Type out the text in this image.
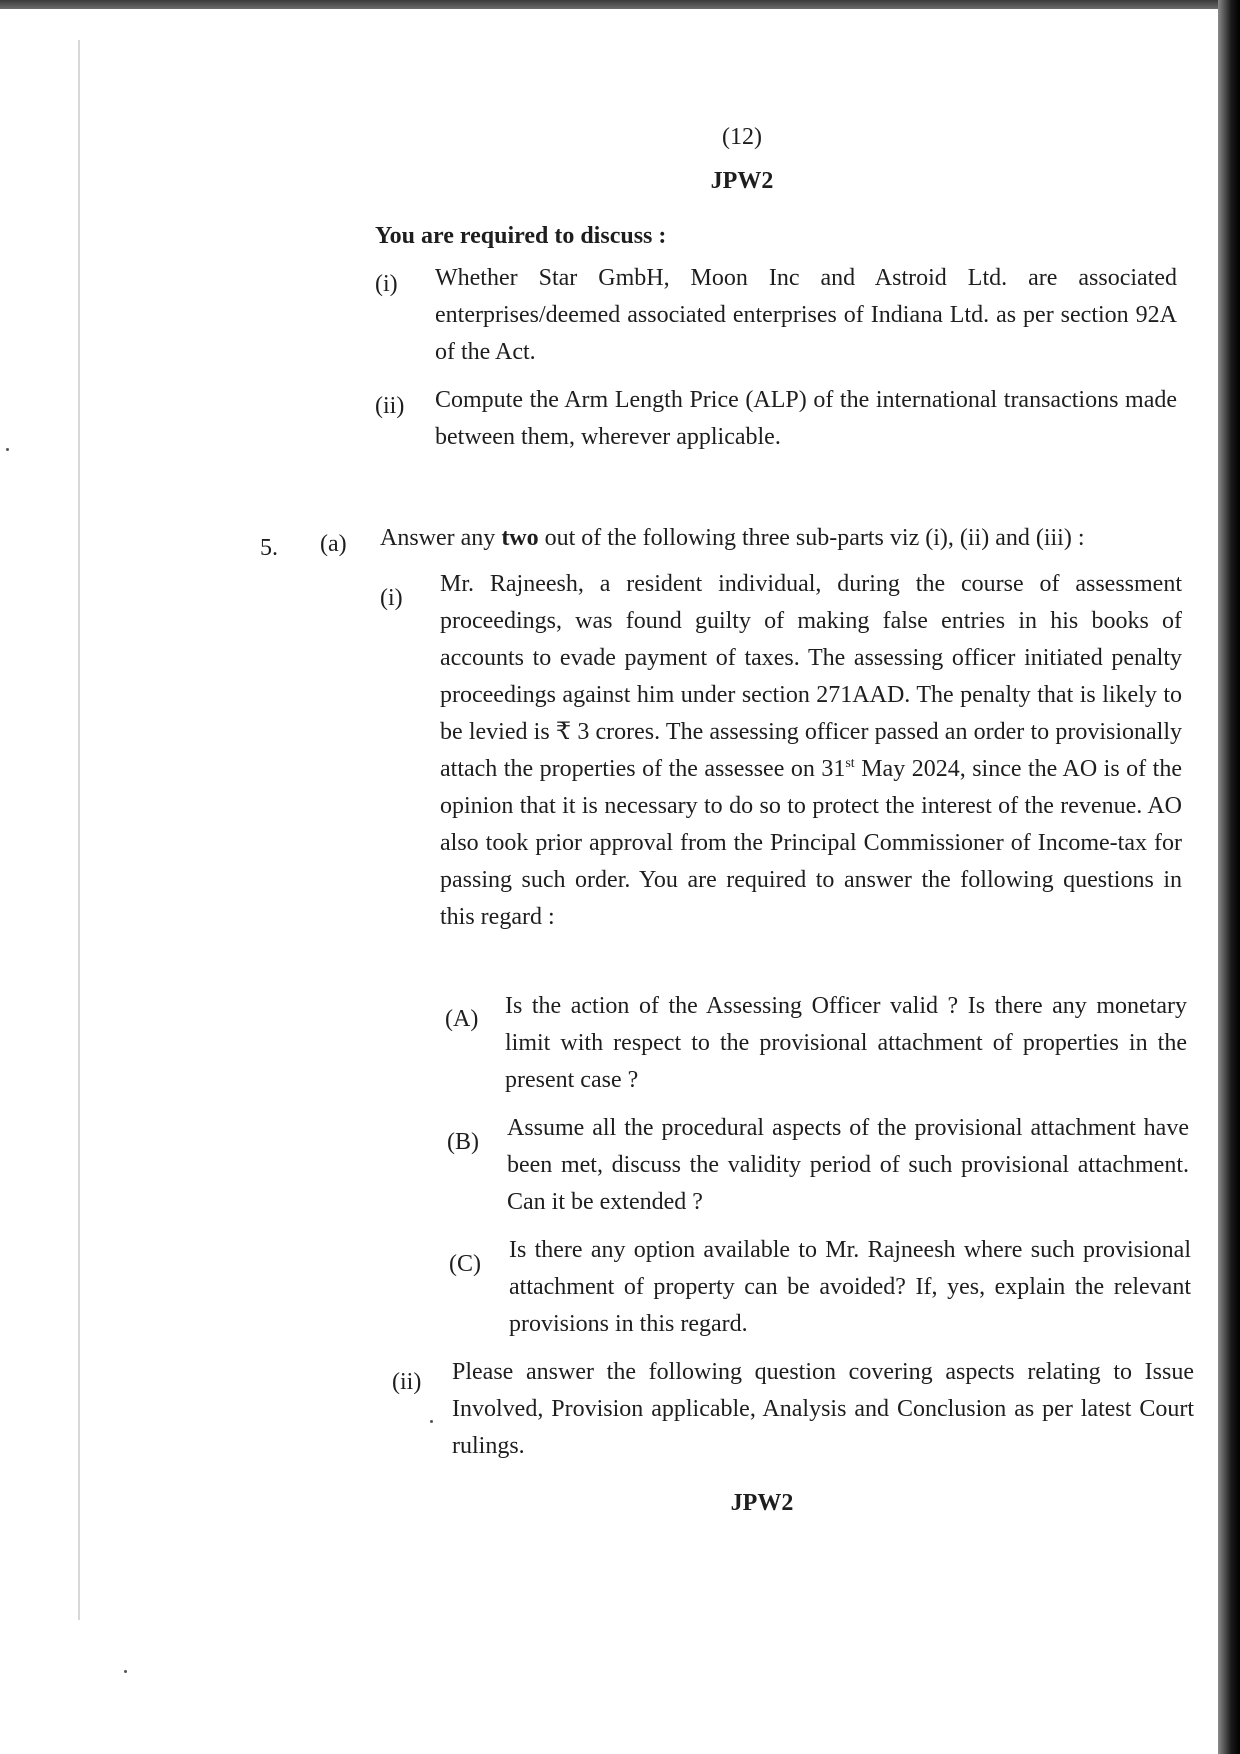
(12)
JPW2
You are required to discuss :
(i) Whether Star GmbH, Moon Inc and Astroid Ltd. are associated enterprises/deemed associated enterprises of Indiana Ltd. as per section 92A of the Act.
(ii) Compute the Arm Length Price (ALP) of the international transactions made between them, wherever applicable.
5. (a) Answer any two out of the following three sub-parts viz (i), (ii) and (iii) :
(i)
Mr. Rajneesh, a resident individual, during the course of assessment proceedings, was found guilty of making false entries in his books of accounts to evade payment of taxes. The assessing officer initiated penalty proceedings against him under section 271AAD. The penalty that is likely to be levied is ₹ 3 crores. The assessing officer passed an order to provisionally attach the properties of the assessee on 31st May 2024, since the AO is of the opinion that it is necessary to do so to protect the interest of the revenue. AO also took prior approval from the Principal Commissioner of Income-tax for passing such order. You are required to answer the following questions in this regard :
(A) Is the action of the Assessing Officer valid ? Is there any monetary limit with respect to the provisional attachment of properties in the present case ?
(B)
Assume all the procedural aspects of the provisional attachment have been met, discuss the validity period of such provisional attachment. Can it be extended ?
(C)
Is there any option available to Mr. Rajneesh where such provisional attachment of property can be avoided? If, yes, explain the relevant provisions in this regard.
(ii) Please answer the following question covering aspects relating to Issue Involved, Provision applicable, Analysis and Conclusion as per latest Court rulings.
JPW2
